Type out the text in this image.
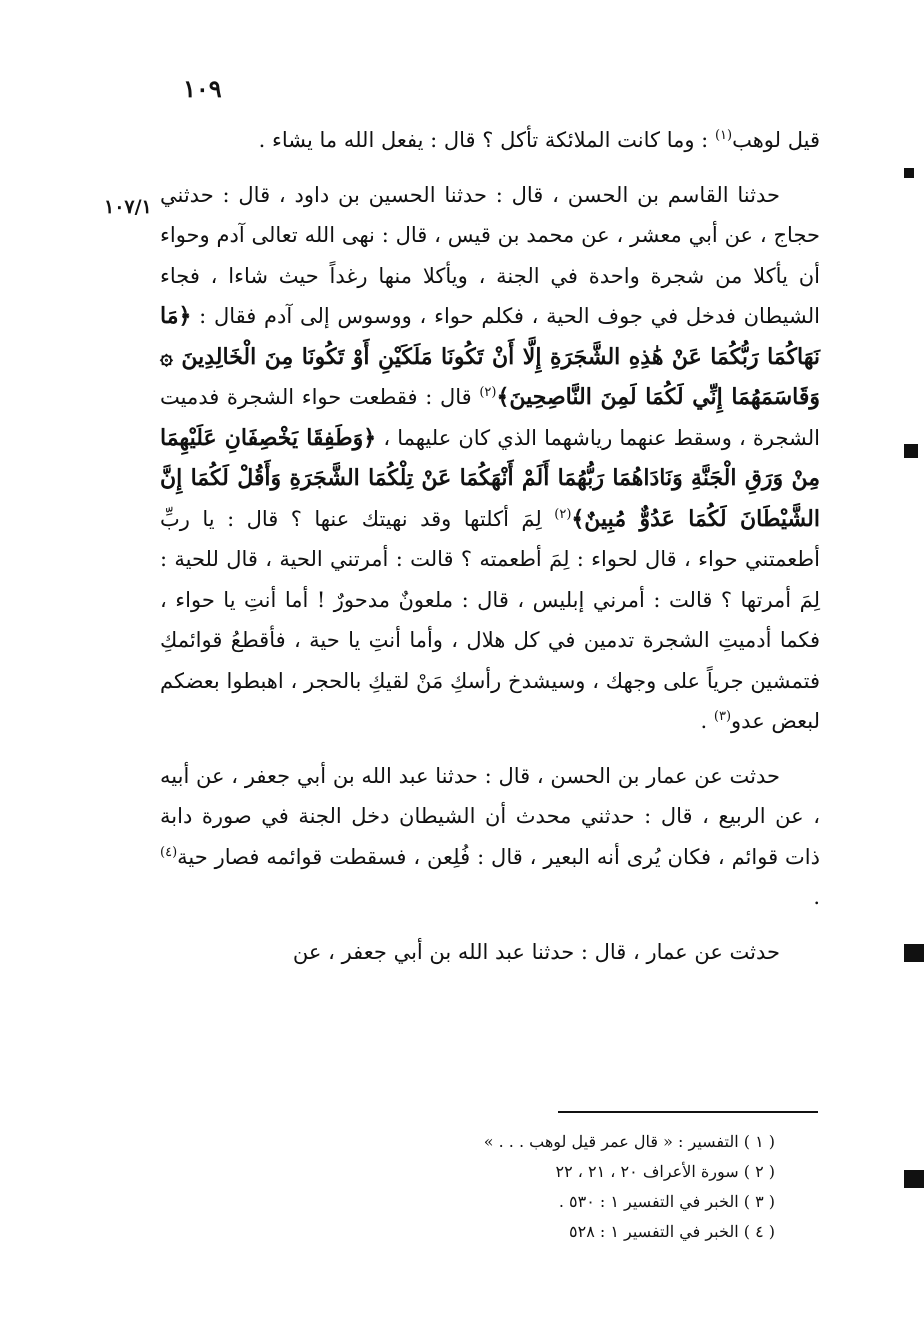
١٠٩
١٠٧/١

قيل لوهب$^{(١)}$ : وما كانت الملائكة تأكل ؟ قال : يفعل الله ما يشاء .

حدثنا القاسم بن الحسن ، قال : حدثنا الحسين بن داود ، قال : حدثني حجاج ، عن أبي معشر ، عن محمد بن قيس ، قال : نهى الله تعالى آدم وحواء أن يأكلا من شجرة واحدة في الجنة ، ويأكلا منها رغداً حيث شاءا ، فجاء الشيطان فدخل في جوف الحية ، فكلم حواء ، ووسوس إلى آدم فقال : ﴿مَا نَهَاكُمَا رَبُّكُمَا عَنْ هَٰذِهِ الشَّجَرَةِ إِلَّا أَنْ تَكُونَا مَلَكَيْنِ أَوْ تَكُونَا مِنَ الْخَالِدِينَ ۞ وَقَاسَمَهُمَا إِنِّي لَكُمَا لَمِنَ النَّاصِحِينَ﴾$^{(٢)}$ قال : فقطعت حواء الشجرة فدميت الشجرة ، وسقط عنهما رياشهما الذي كان عليهما ، ﴿وَطَفِقَا يَخْصِفَانِ عَلَيْهِمَا مِنْ وَرَقِ الْجَنَّةِ وَنَادَاهُمَا رَبُّهُمَا أَلَمْ أَنْهَكُمَا عَنْ تِلْكُمَا الشَّجَرَةِ وَأَقُلْ لَكُمَا إِنَّ الشَّيْطَانَ لَكُمَا عَدُوٌّ مُبِينٌ﴾$^{(٢)}$ لِمَ أكلتها وقد نهيتك عنها ؟ قال : يا ربِّ أطعمتني حواء ، قال لحواء : لِمَ أطعمته ؟ قالت : أمرتني الحية ، قال للحية : لِمَ أمرتها ؟ قالت : أمرني إبليس ، قال : ملعونٌ مدحورٌ ! أما أنتِ يا حواء ، فكما أدميتِ الشجرة تدمين في كل هلال ، وأما أنتِ يا حية ، فأقطعُ قوائمكِ فتمشين جرياً على وجهك ، وسيشدخ رأسكِ مَنْ لقيكِ بالحجر ، اهبطوا بعضكم لبعض عدو$^{(٣)}$ .

حدثت عن عمار بن الحسن ، قال : حدثنا عبد الله بن أبي جعفر ، عن أبيه ، عن الربيع ، قال : حدثني محدث أن الشيطان دخل الجنة في صورة دابة ذات قوائم ، فكان يُرى أنه البعير ، قال : فُلِعن ، فسقطت قوائمه فصار حية$^{(٤)}$ .

حدثت عن عمار ، قال : حدثنا عبد الله بن أبي جعفر ، عن

( ١ ) التفسير : « قال عمر قيل لوهب . . . »
( ٢ ) سورة الأعراف ٢٠ ، ٢١ ، ٢٢
( ٣ ) الخبر في التفسير ١ : ٥٣٠ .
( ٤ ) الخبر في التفسير ١ : ٥٢٨
